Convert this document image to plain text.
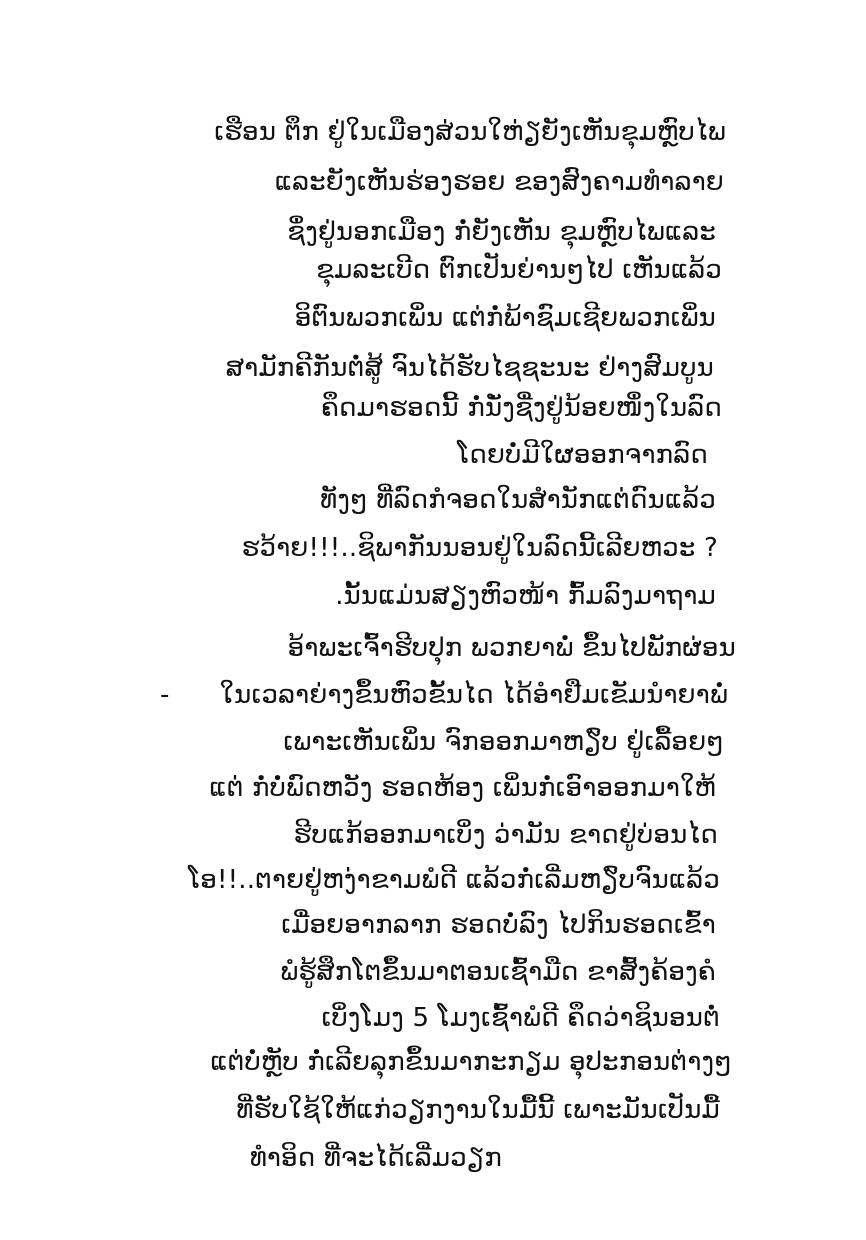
ເຮືອນ ຕຶກ ຢູ່ໃນເມືອງສ່ວນໃຫ່ຽຍັງເຫັນຂຸມຫຼົບໄພ
ແລະຍັງເຫັນຮ່ອງຮອຍ ຂອງສົງຄາມທຳລາຍ
ຊຶ່ງຢູ່ນອກເມືອງ ກໍ່ຍັງເຫັນ ຂຸມຫຼົບໄພແລະ
ຂຸມລະເບີດ ຕົກເປັນຍ່ານໆໄປ ເຫັນແລ້ວ
ອິຕົນພວກເພິ່ນ ແຕ່ກໍ່ພ້າຊົມເຊີຍພວກເພິ່ນ
ສາມັກຄີກັນຕໍ່ສູ້ ຈົນໄດ້ຮັບໄຊຊະນະ ຢ່າງສົມບູນ
ຄຶດມາຮອດນີ້ ກໍ່ນັ່ງຊື່ງຢູ່ນ້ອຍໜຶ່ງໃນລົດ
ໂດຍບໍ່ມີໃຜອອກຈາກລົດ
ທັງໆ ທີ່ລົດກໍຈອດໃນສຳນັກແຕ່ດົນແລ້ວ
ຮວ້າຍ!!!..ຊິພາກັນນອນຢູ່ໃນລົດນີ້ເລີຍຫວະ ?
.ນັ້ນແມ່ນສຽງຫົວໜ້າ ກົ້ມລົງມາຖາມ
ອ້າພະເຈົ້າຮີບປຸກ ພວກຍາພໍ່ ຂຶ້ນໄປພັກຜ່ອນ
- ໃນເວລາຍ່າງຂຶ້ນຫົວຂັ້ນໄດ ໄດ້ອຳຢືມເຂັມນຳຍາພໍ່
ເພາະເຫັນເພິ່ນ ຈົກອອກມາຫຽົບ ຢູ່ເລື້ອຍໆ
ແຕ່ ກໍ່ບໍ່ພົດຫວັງ ຮອດຫ້ອງ ເພິ່ນກໍ່ເອົາອອກມາໃຫ້
ຮີບແກ້ອອກມາເບິ່ງ ວ່າມັນ ຂາດຢູ່ບ່ອນໄດ
ໂອ!!..ຕາຍຢູ່ຫງ່າຂາມພໍດີ ແລ້ວກໍ່ເລີ່ມຫຽົບຈົນແລ້ວ
ເມື່ອຍອາກລາກ ຮອດບໍ່ລົງ ໄປກິນຮອດເຂົ້າ
ພໍຮູ້ສຶກໂຕຂຶ້ນມາຕອນເຊົ້າມືດ ຂາສົ້ງຄ້ອງຄໍ
ເບິ່ງໂມງ 5 ໂມງເຊົ້າພໍດີ ຄຶດວ່າຊິນອນຕໍ່
ແຕ່ບໍ່ຫຼັບ ກໍ່ເລີຍລຸກຂຶ້ນມາກະກຽມ ອຸປະກອນຕ່າງໆ
ທີ່ຮັບໃຊ້ໃຫ້ແກ່ວຽກງານໃນມື້ນີ້ ເພາະມັນເປັນມື້
ທຳອິດ ທີ່ຈະໄດ້ເລີ່ມວຽກ
